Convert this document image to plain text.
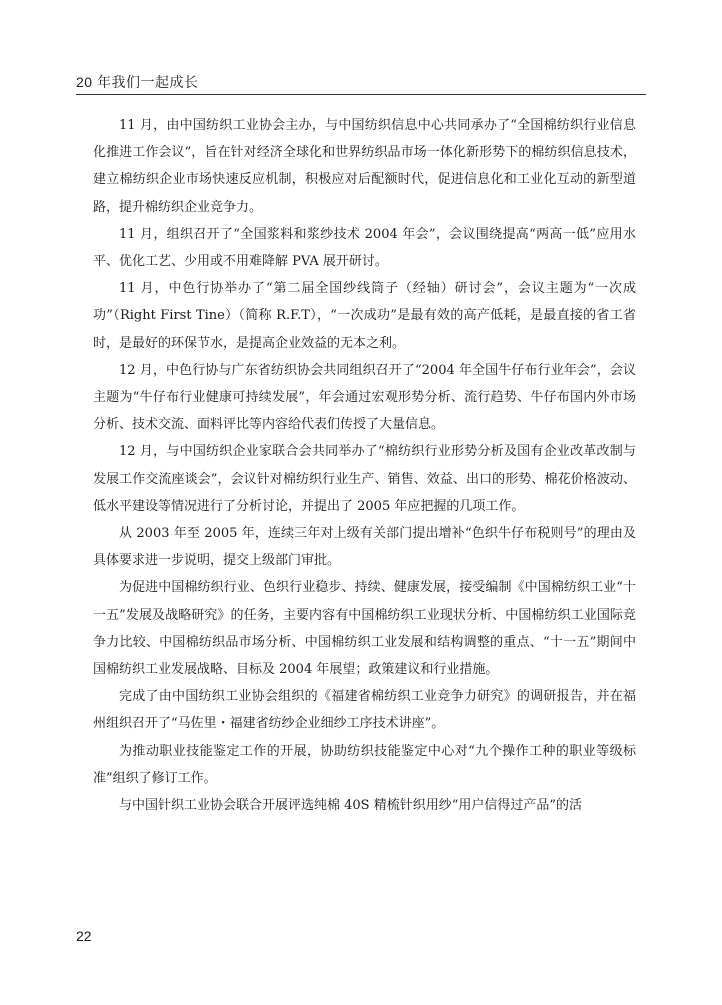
20 年我们一起成长

11 月，由中国纺织工业协会主办，与中国纺织信息中心共同承办了“全国棉纺织行业信息化推进工作会议”，旨在针对经济全球化和世界纺织品市场一体化新形势下的棉纺织信息技术，建立棉纺织企业市场快速反应机制，积极应对后配额时代，促进信息化和工业化互动的新型道路，提升棉纺织企业竞争力。

11 月，组织召开了“全国浆料和浆纱技术 2004 年会”，会议围绕提高“两高一低”应用水平、优化工艺、少用或不用难降解 PVA 展开研讨。

11 月，中色行协举办了“第二届全国纱线筒子（经轴）研讨会”，会议主题为“一次成功”（Right First Tine）（简称 R.F.T），“一次成功”是最有效的高产低耗，是最直接的省工省时，是最好的环保节水，是提高企业效益的无本之利。

12 月，中色行协与广东省纺织协会共同组织召开了“2004 年全国牛仔布行业年会”，会议主题为“牛仔布行业健康可持续发展”，年会通过宏观形势分析、流行趋势、牛仔布国内外市场分析、技术交流、面料评比等内容给代表们传授了大量信息。

12 月，与中国纺织企业家联合会共同举办了“棉纺织行业形势分析及国有企业改革改制与发展工作交流座谈会”，会议针对棉纺织行业生产、销售、效益、出口的形势、棉花价格波动、低水平建设等情况进行了分析讨论，并提出了 2005 年应把握的几项工作。

从 2003 年至 2005 年，连续三年对上级有关部门提出增补“色织牛仔布税则号”的理由及具体要求进一步说明，提交上级部门审批。

为促进中国棉纺织行业、色织行业稳步、持续、健康发展，接受编制《中国棉纺织工业“十一五”发展及战略研究》的任务，主要内容有中国棉纺织工业现状分析、中国棉纺织工业国际竞争力比较、中国棉纺织品市场分析、中国棉纺织工业发展和结构调整的重点、“十一五”期间中国棉纺织工业发展战略、目标及 2004 年展望；政策建议和行业措施。

完成了由中国纺织工业协会组织的《福建省棉纺织工业竞争力研究》的调研报告，并在福州组织召开了“马佐里・福建省纺纱企业细纱工序技术讲座”。

为推动职业技能鉴定工作的开展，协助纺织技能鉴定中心对“九个操作工种的职业等级标准”组织了修订工作。

与中国针织工业协会联合开展评选纯棉 40S 精梳针织用纱“用户信得过产品”的活

22
